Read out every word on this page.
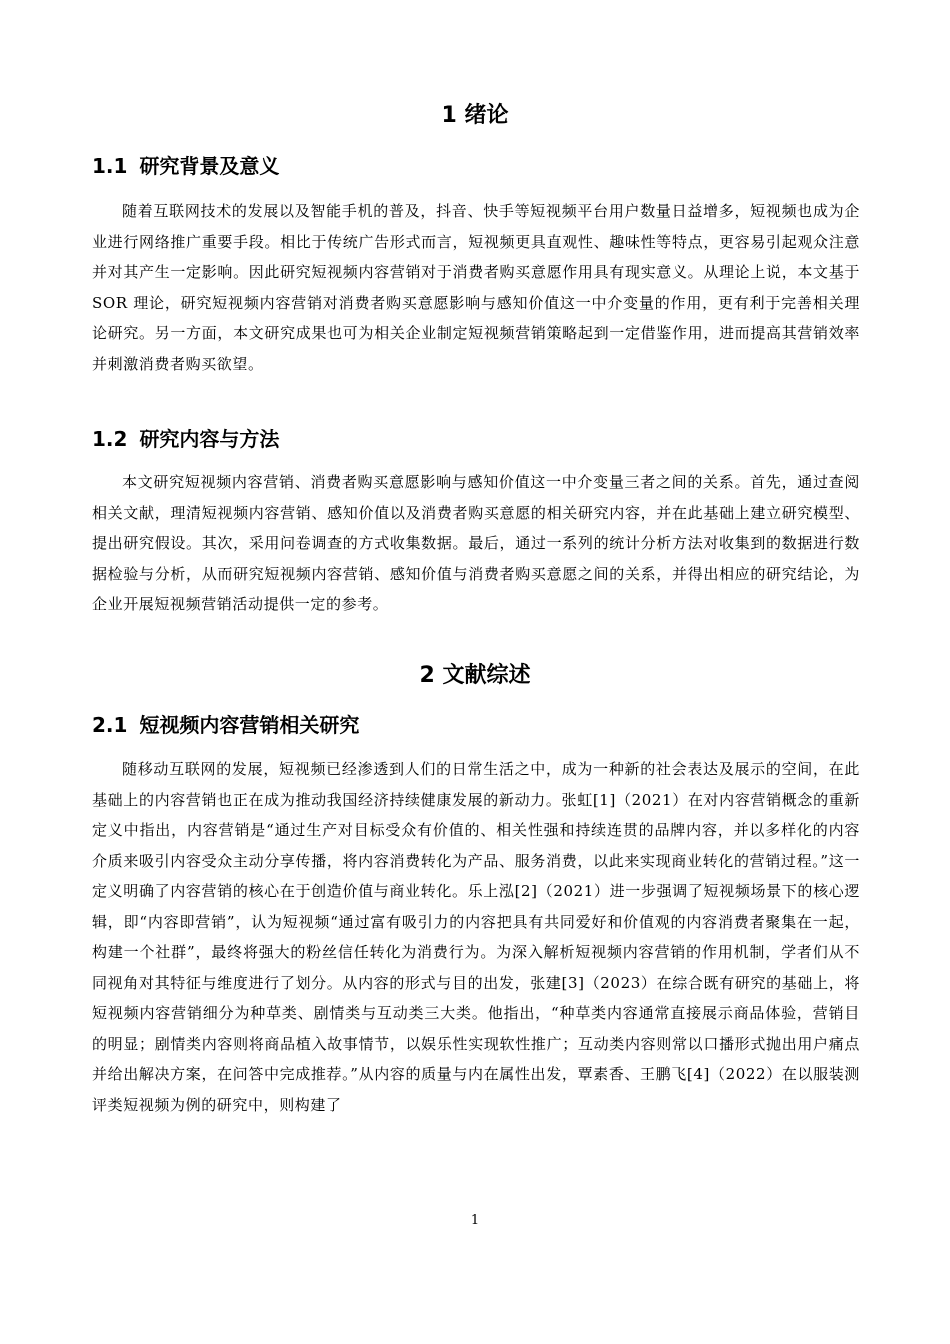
1 绪论
1.1 研究背景及意义

随着互联网技术的发展以及智能手机的普及，抖音、快手等短视频平台用户数量日益增多，短视频也成为企业进行网络推广重要手段。相比于传统广告形式而言，短视频更具直观性、趣味性等特点，更容易引起观众注意并对其产生一定影响。因此研究短视频内容营销对于消费者购买意愿作用具有现实意义。从理论上说，本文基于 SOR 理论，研究短视频内容营销对消费者购买意愿影响与感知价值这一中介变量的作用，更有利于完善相关理论研究。另一方面，本文研究成果也可为相关企业制定短视频营销策略起到一定借鉴作用，进而提高其营销效率并刺激消费者购买欲望。

1.2 研究内容与方法

本文研究短视频内容营销、消费者购买意愿影响与感知价值这一中介变量三者之间的关系。首先，通过查阅相关文献，理清短视频内容营销、感知价值以及消费者购买意愿的相关研究内容，并在此基础上建立研究模型、提出研究假设。其次，采用问卷调查的方式收集数据。最后，通过一系列的统计分析方法对收集到的数据进行数据检验与分析，从而研究短视频内容营销、感知价值与消费者购买意愿之间的关系，并得出相应的研究结论，为企业开展短视频营销活动提供一定的参考。

2 文献综述
2.1 短视频内容营销相关研究

随移动互联网的发展，短视频已经渗透到人们的日常生活之中，成为一种新的社会表达及展示的空间，在此基础上的内容营销也正在成为推动我国经济持续健康发展的新动力。张虹[1]（2021）在对内容营销概念的重新定义中指出，内容营销是“通过生产对目标受众有价值的、相关性强和持续连贯的品牌内容，并以多样化的内容介质来吸引内容受众主动分享传播，将内容消费转化为产品、服务消费，以此来实现商业转化的营销过程。”这一定义明确了内容营销的核心在于创造价值与商业转化。乐上泓[2]（2021）进一步强调了短视频场景下的核心逻辑，即“内容即营销”，认为短视频“通过富有吸引力的内容把具有共同爱好和价值观的内容消费者聚集在一起，构建一个社群”，最终将强大的粉丝信任转化为消费行为。为深入解析短视频内容营销的作用机制，学者们从不同视角对其特征与维度进行了划分。从内容的形式与目的出发，张建[3]（2023）在综合既有研究的基础上，将短视频内容营销细分为种草类、剧情类与互动类三大类。他指出，“种草类内容通常直接展示商品体验，营销目的明显；剧情类内容则将商品植入故事情节，以娱乐性实现软性推广；互动类内容则常以口播形式抛出用户痛点并给出解决方案，在问答中完成推荐。”从内容的质量与内在属性出发，覃素香、王鹏飞[4]（2022）在以服装测评类短视频为例的研究中，则构建了

1
